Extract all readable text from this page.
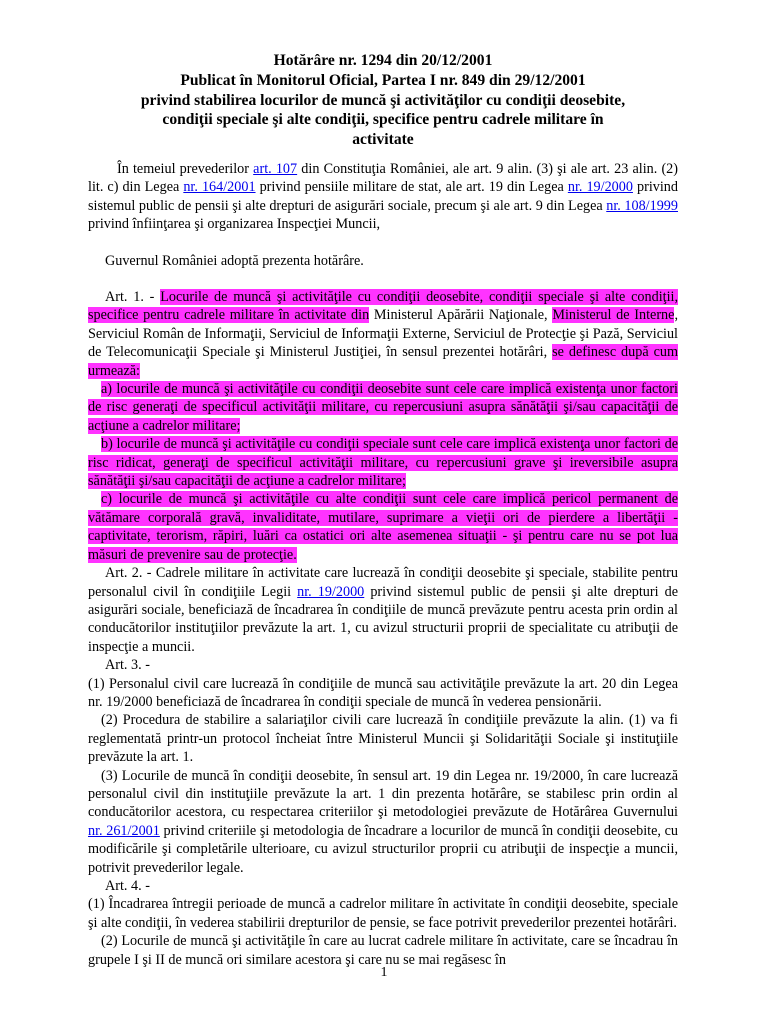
Hotărâre nr. 1294 din 20/12/2001
Publicat în Monitorul Oficial, Partea I nr. 849 din 29/12/2001
privind stabilirea locurilor de muncă şi activităţilor cu condiţii deosebite,
condiţii speciale şi alte condiţii, specifice pentru cadrele militare în
activitate

În temeiul prevederilor art. 107 din Constituţia României, ale art. 9 alin. (3) şi ale art. 23 alin. (2) lit. c) din Legea nr. 164/2001 privind pensiile militare de stat, ale art. 19 din Legea nr. 19/2000 privind sistemul public de pensii şi alte drepturi de asigurări sociale, precum şi ale art. 9 din Legea nr. 108/1999 privind înfiinţarea şi organizarea Inspecţiei Muncii,

Guvernul României adoptă prezenta hotărâre.

Art. 1. - Locurile de muncă şi activităţile cu condiţii deosebite, condiţii speciale şi alte condiţii, specifice pentru cadrele militare în activitate din Ministerul Apărării Naţionale, Ministerul de Interne, Serviciul Român de Informaţii, Serviciul de Informaţii Externe, Serviciul de Protecţie şi Pază, Serviciul de Telecomunicaţii Speciale şi Ministerul Justiţiei, în sensul prezentei hotărâri, se definesc după cum urmează:

a) locurile de muncă şi activităţile cu condiţii deosebite sunt cele care implică existenţa unor factori de risc generaţi de specificul activităţii militare, cu repercusiuni asupra sănătăţii şi/sau capacităţii de acţiune a cadrelor militare;

b) locurile de muncă şi activităţile cu condiţii speciale sunt cele care implică existenţa unor factori de risc ridicat, generaţi de specificul activităţii militare, cu repercusiuni grave şi ireversibile asupra sănătăţii şi/sau capacităţii de acţiune a cadrelor militare;

c) locurile de muncă şi activităţile cu alte condiţii sunt cele care implică pericol permanent de vătămare corporală gravă, invaliditate, mutilare, suprimare a vieţii ori de pierdere a libertăţii - captivitate, terorism, răpiri, luări ca ostatici ori alte asemenea situaţii - şi pentru care nu se pot lua măsuri de prevenire sau de protecţie.

Art. 2. - Cadrele militare în activitate care lucrează în condiţii deosebite şi speciale, stabilite pentru personalul civil în condiţiile Legii nr. 19/2000 privind sistemul public de pensii şi alte drepturi de asigurări sociale, beneficiază de încadrarea în condiţiile de muncă prevăzute pentru acesta prin ordin al conducătorilor instituţiilor prevăzute la art. 1, cu avizul structurii proprii de specialitate cu atribuţii de inspecţie a muncii.

Art. 3. -

(1) Personalul civil care lucrează în condiţiile de muncă sau activităţile prevăzute la art. 20 din Legea nr. 19/2000 beneficiază de încadrarea în condiţii speciale de muncă în vederea pensionării.

(2) Procedura de stabilire a salariaţilor civili care lucrează în condiţiile prevăzute la alin. (1) va fi reglementată printr-un protocol încheiat între Ministerul Muncii şi Solidarităţii Sociale şi instituţiile prevăzute la art. 1.

(3) Locurile de muncă în condiţii deosebite, în sensul art. 19 din Legea nr. 19/2000, în care lucrează personalul civil din instituţiile prevăzute la art. 1 din prezenta hotărâre, se stabilesc prin ordin al conducătorilor acestora, cu respectarea criteriilor şi metodologiei prevăzute de Hotărârea Guvernului nr. 261/2001 privind criteriile şi metodologia de încadrare a locurilor de muncă în condiţii deosebite, cu modificările şi completările ulterioare, cu avizul structurilor proprii cu atribuţii de inspecţie a muncii, potrivit prevederilor legale.

Art. 4. -

(1) Încadrarea întregii perioade de muncă a cadrelor militare în activitate în condiţii deosebite, speciale şi alte condiţii, în vederea stabilirii drepturilor de pensie, se face potrivit prevederilor prezentei hotărâri.

(2) Locurile de muncă şi activităţile în care au lucrat cadrele militare în activitate, care se încadrau în grupele I şi II de muncă ori similare acestora şi care nu se mai regăsesc în

1
